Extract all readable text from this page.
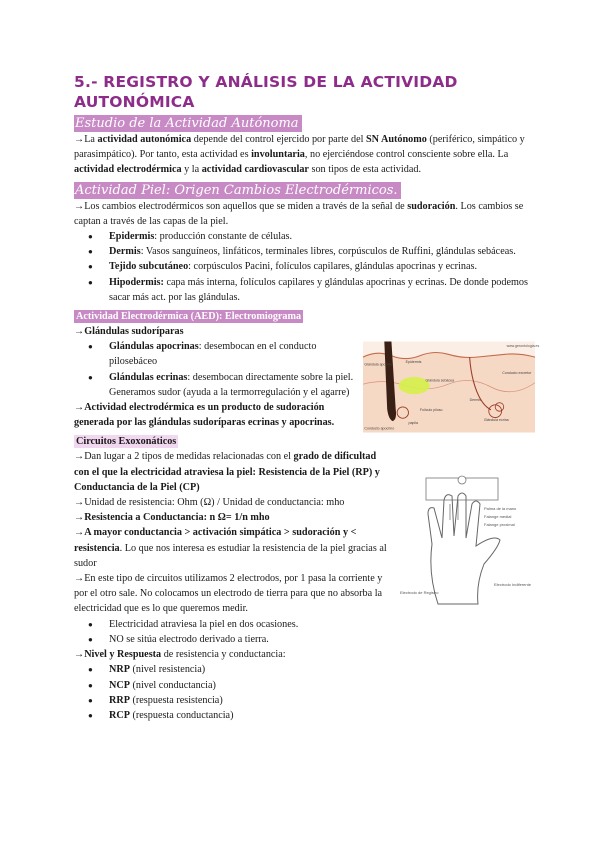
5.- REGISTRO Y ANÁLISIS DE LA ACTIVIDAD AUTONÓMICA
Estudio de la Actividad Autónoma

→La actividad autonómica depende del control ejercido por parte del SN Autónomo (periférico, simpático y parasimpático). Por tanto, esta actividad es involuntaria, no ejerciéndose control consciente sobre ella. La actividad electrodérmica y la actividad cardiovascular son tipos de esta actividad.

Actividad Piel: Origen Cambios Electrodérmicos.

→Los cambios electrodérmicos son aquellos que se miden a través de la señal de sudoración. Los cambios se captan a través de las capas de la piel.

● Epidermis: producción constante de células.
● Dermis: Vasos sanguíneos, linfáticos, terminales libres, corpúsculos de Ruffini, glándulas sebáceas.
● Tejido subcutáneo: corpúsculos Pacini, folículos capilares, glándulas apocrinas y ecrinas.
● Hipodermis: capa más interna, folículos capilares y glándulas apocrinas y ecrinas. De donde podemos sacar más act. por las glándulas.
Actividad Electrodérmica (AED): Electromiograma

→Glándulas sudoríparas

● Glándulas apocrinas: desembocan en el conducto pilosebáceo
● Glándulas ecrinas: desembocan directamente sobre la piel. Generamos sudor (ayuda a la termorregulación y el agarre)

→Actividad electrodérmica es un producto de sudoración generada por las glándulas sudoríparas ecrinas y apocrinas.

Circuitos Exoxonáticos

→Dan lugar a 2 tipos de medidas relacionadas con el grado de dificultad con el que la electricidad atraviesa la piel: Resistencia de la Piel (RP) y Conductancia de la Piel (CP)

→Unidad de resistencia: Ohm (Ω) / Unidad de conductancia: mho

→Resistencia a Conductancia: n Ω= 1/n mho

→A mayor conductancia > activación simpática > sudoración y < resistencia. Lo que nos interesa es estudiar la resistencia de la piel gracias al sudor

→En este tipo de circuitos utilizamos 2 electrodos, por 1 pasa la corriente y por el otro sale. No colocamos un electrodo de tierra para que no absorba la electricidad que es lo que queremos medir.

● Electricidad atraviesa la piel en dos ocasiones.
● NO se sitúa electrodo derivado a tierra.

→Nivel y Respuesta de resistencia y conductancia:

● NRP (nivel resistencia)
● NCP (nivel conductancia)
● RRP (respuesta resistencia)
● RCP (respuesta conductancia)
www.gerontologia.es
Glándula apocrina
Epidermis
Conducto excretor
Glándula sebácea
Dermis
Glándula ecrina
Folículo piloso
papila
Conducto apocrino
Palma de la mano
Falange medial
Falange proximal
Electrodo de Registro
Electrodo Indiferente
